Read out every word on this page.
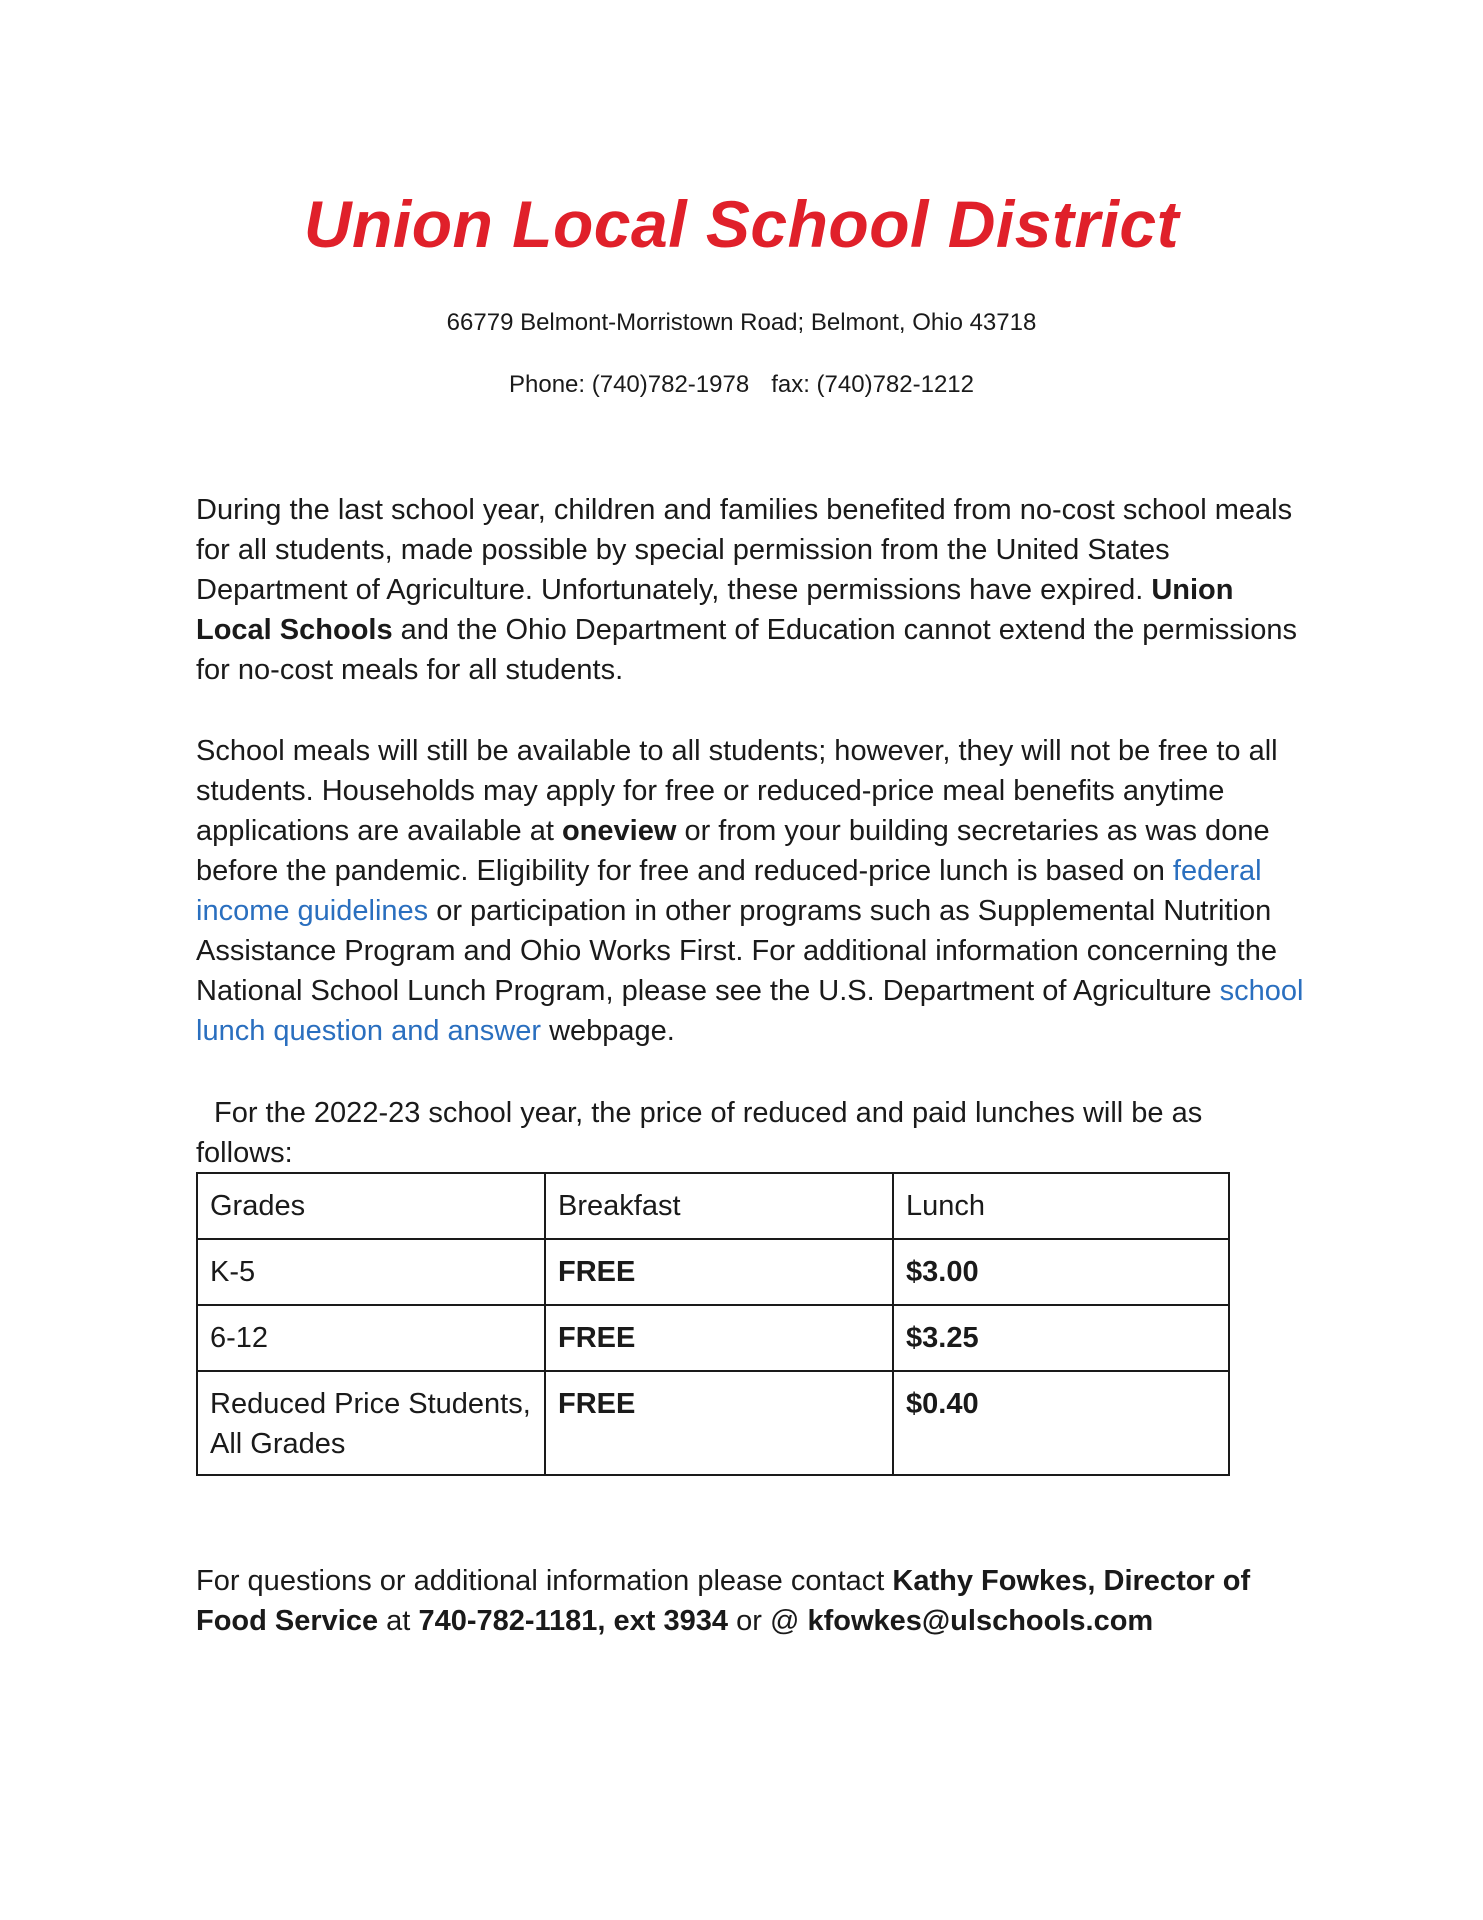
Union Local School District
66779 Belmont-Morristown Road; Belmont, Ohio 43718
Phone: (740)782-1978 fax: (740)782-1212
During the last school year, children and families benefited from no-cost school meals for all students, made possible by special permission from the United States Department of Agriculture. Unfortunately, these permissions have expired. Union Local Schools and the Ohio Department of Education cannot extend the permissions for no-cost meals for all students.
School meals will still be available to all students; however, they will not be free to all students. Households may apply for free or reduced-price meal benefits anytime applications are available at oneview or from your building secretaries as was done before the pandemic. Eligibility for free and reduced-price lunch is based on federal income guidelines or participation in other programs such as Supplemental Nutrition Assistance Program and Ohio Works First. For additional information concerning the National School Lunch Program, please see the U.S. Department of Agriculture school lunch question and answer webpage.
For the 2022-23 school year, the price of reduced and paid lunches will be as follows:
Grades	Breakfast	Lunch
K-5	FREE	$3.00
6-12	FREE	$3.25
Reduced Price Students, All Grades	FREE	$0.40
For questions or additional information please contact Kathy Fowkes, Director of Food Service at 740-782-1181, ext 3934 or @ kfowkes@ulschools.com
